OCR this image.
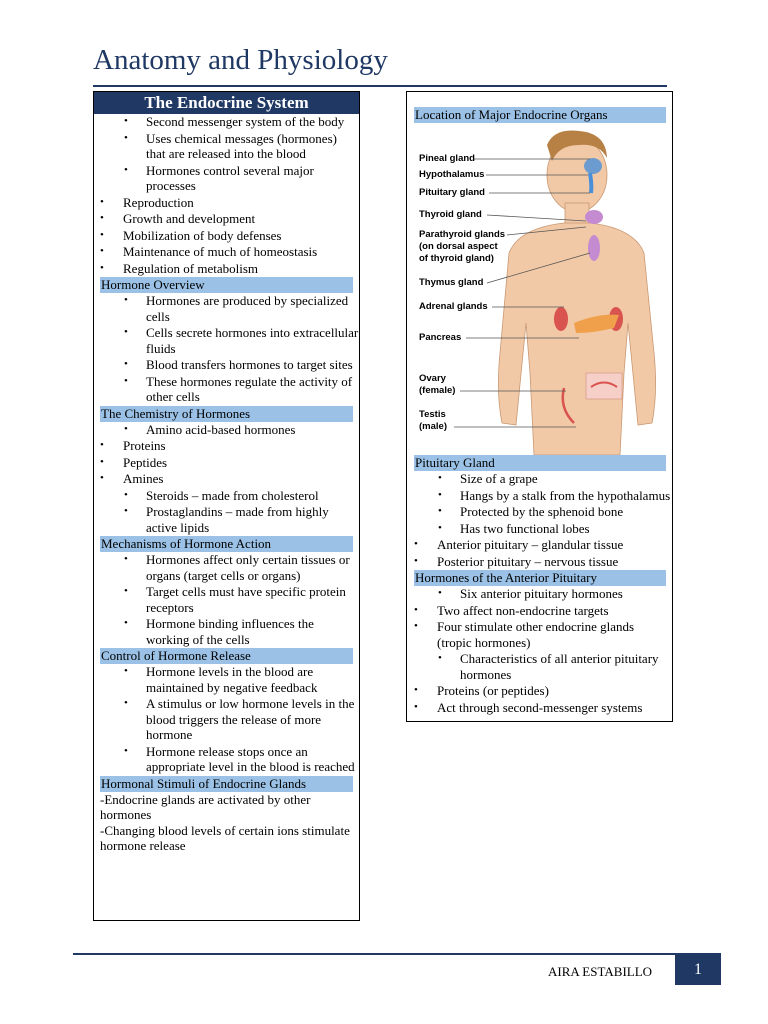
Anatomy and Physiology
The Endocrine System
• Second messenger system of the body
• Uses chemical messages (hormones) that are released into the blood
• Hormones control several major processes
• Reproduction
• Growth and development
• Mobilization of body defenses
• Maintenance of much of homeostasis
• Regulation of metabolism
Hormone Overview
• Hormones are produced by specialized cells
• Cells secrete hormones into extracellular fluids
• Blood transfers hormones to target sites
• These hormones regulate the activity of other cells
The Chemistry of Hormones
• Amino acid-based hormones
• Proteins
• Peptides
• Amines
• Steroids – made from cholesterol
• Prostaglandins – made from highly active lipids
Mechanisms of Hormone Action
• Hormones affect only certain tissues or organs (target cells or organs)
• Target cells must have specific protein receptors
• Hormone binding influences the working of the cells
Control of Hormone Release
• Hormone levels in the blood are maintained by negative feedback
• A stimulus or low hormone levels in the blood triggers the release of more hormone
• Hormone release stops once an appropriate level in the blood is reached
Hormonal Stimuli of Endocrine Glands
-Endocrine glands are activated by other hormones
-Changing blood levels of certain ions stimulate hormone release
Location of Major Endocrine Organs
Pineal gland
Hypothalamus
Pituitary gland
Thyroid gland
Parathyroid glands
(on dorsal aspect
of thyroid gland)
Thymus gland
Adrenal glands
Pancreas
Ovary
(female)
Testis
(male)
Pituitary Gland
• Size of a grape
• Hangs by a stalk from the hypothalamus
• Protected by the sphenoid bone
• Has two functional lobes
• Anterior pituitary – glandular tissue
• Posterior pituitary – nervous tissue
Hormones of the Anterior Pituitary
• Six anterior pituitary hormones
• Two affect non-endocrine targets
• Four stimulate other endocrine glands (tropic hormones)
• Characteristics of all anterior pituitary hormones
• Proteins (or peptides)
• Act through second-messenger systems
AIRA ESTABILLO	1
